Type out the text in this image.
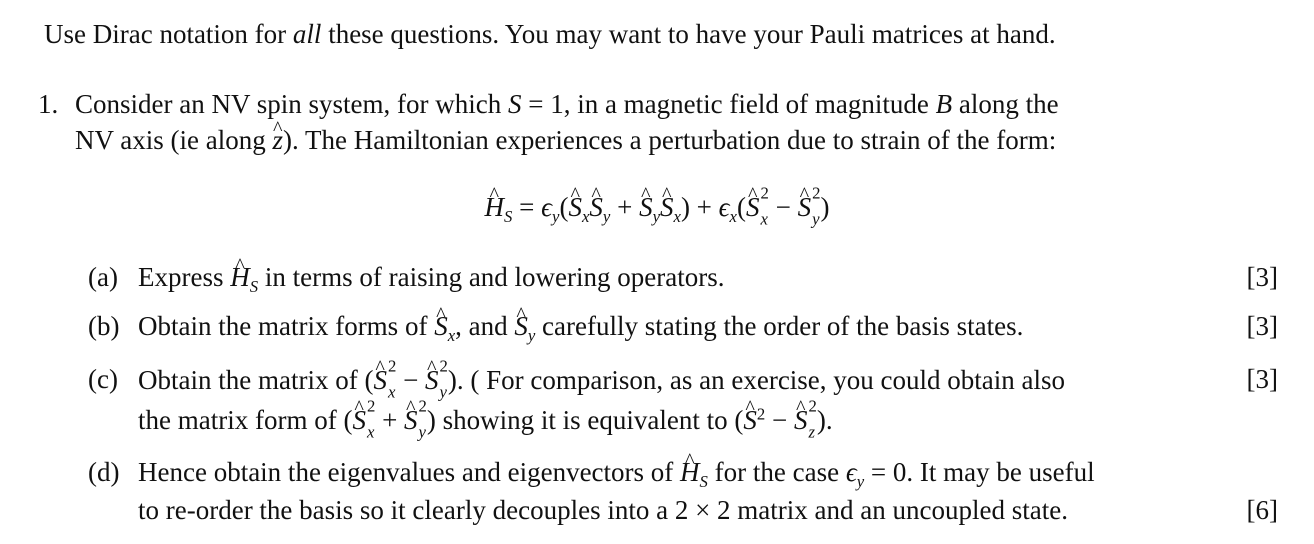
Use Dirac notation for all these questions. You may want to have your Pauli matrices at hand.
1. Consider an NV spin system, for which S = 1, in a magnetic field of magnitude B along the
NV axis (ie along ^ z). The Hamiltonian experiences a perturbation due to strain of the form:
^ $H_S$ = $\epsilon_y(\^{}$ $S_x\^{}$ $S_y$ + ^ $S_y\^{}$ $S_x$) + $\epsilon_x(\^{}$ S 2
x − ^ S 2
y )
(a) Express ^ $H_S$ in terms of raising and lowering operators.	[3]
(b) Obtain the matrix forms of ^ $S_x$, and ^ $S_y$ carefully stating the order of the basis states.	[3]
(c) Obtain the matrix of (^ S 2
x − ^ S 2
y ). ( For comparison, as an exercise, you could obtain also	[3]
the matrix form of (^ S 2
x + ^ S 2
y ) showing it is equivalent to (^ $S^2$ − ^ S 2
z ).
(d) Hence obtain the eigenvalues and eigenvectors of ^ $H_S$ for the case $\epsilon_y = 0$. It may be useful
to re-order the basis so it clearly decouples into a 2 × 2 matrix and an uncoupled state.	[6]
